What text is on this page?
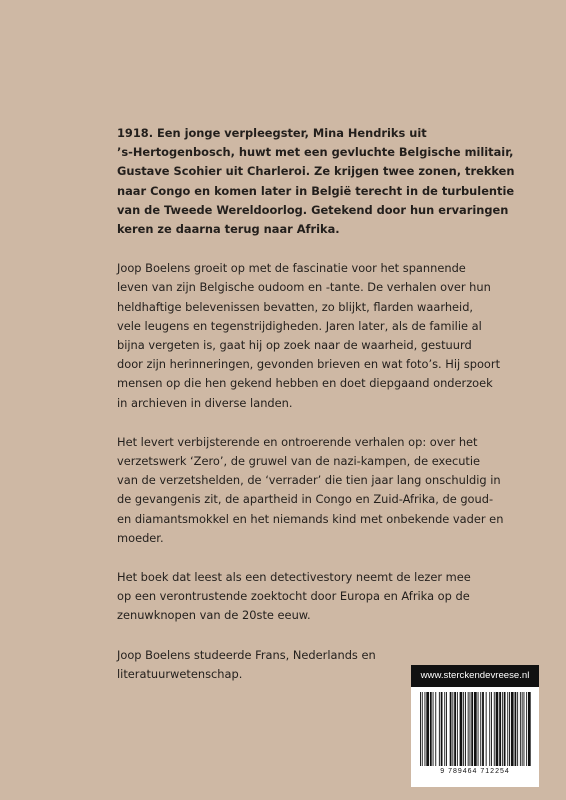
1918. Een jonge verpleegster, Mina Hendriks uit
’s-Hertogenbosch, huwt met een gevluchte Belgische militair,
Gustave Scohier uit Charleroi. Ze krijgen twee zonen, trekken
naar Congo en komen later in België terecht in de turbulentie
van de Tweede Wereldoorlog. Getekend door hun ervaringen
keren ze daarna terug naar Afrika.

Joop Boelens groeit op met de fascinatie voor het spannende
leven van zijn Belgische oudoom en -tante. De verhalen over hun
heldhaftige belevenissen bevatten, zo blijkt, flarden waarheid,
vele leugens en tegenstrijdigheden. Jaren later, als de familie al
bijna vergeten is, gaat hij op zoek naar de waarheid, gestuurd
door zijn herinneringen, gevonden brieven en wat foto’s. Hij spoort
mensen op die hen gekend hebben en doet diepgaand onderzoek
in archieven in diverse landen.

Het levert verbijsterende en ontroerende verhalen op: over het
verzetswerk ‘Zero’, de gruwel van de nazi-kampen, de executie
van de verzetshelden, de ‘verrader’ die tien jaar lang onschuldig in
de gevangenis zit, de apartheid in Congo en Zuid-Afrika, de goud-
en diamantsmokkel en het niemands kind met onbekende vader en
moeder.

Het boek dat leest als een detectivestory neemt de lezer mee
op een verontrustende zoektocht door Europa en Afrika op de
zenuwknopen van de 20ste eeuw.

Joop Boelens studeerde Frans, Nederlands en
literatuurwetenschap.	www.sterckendevreese.nl
9 789464 712254
